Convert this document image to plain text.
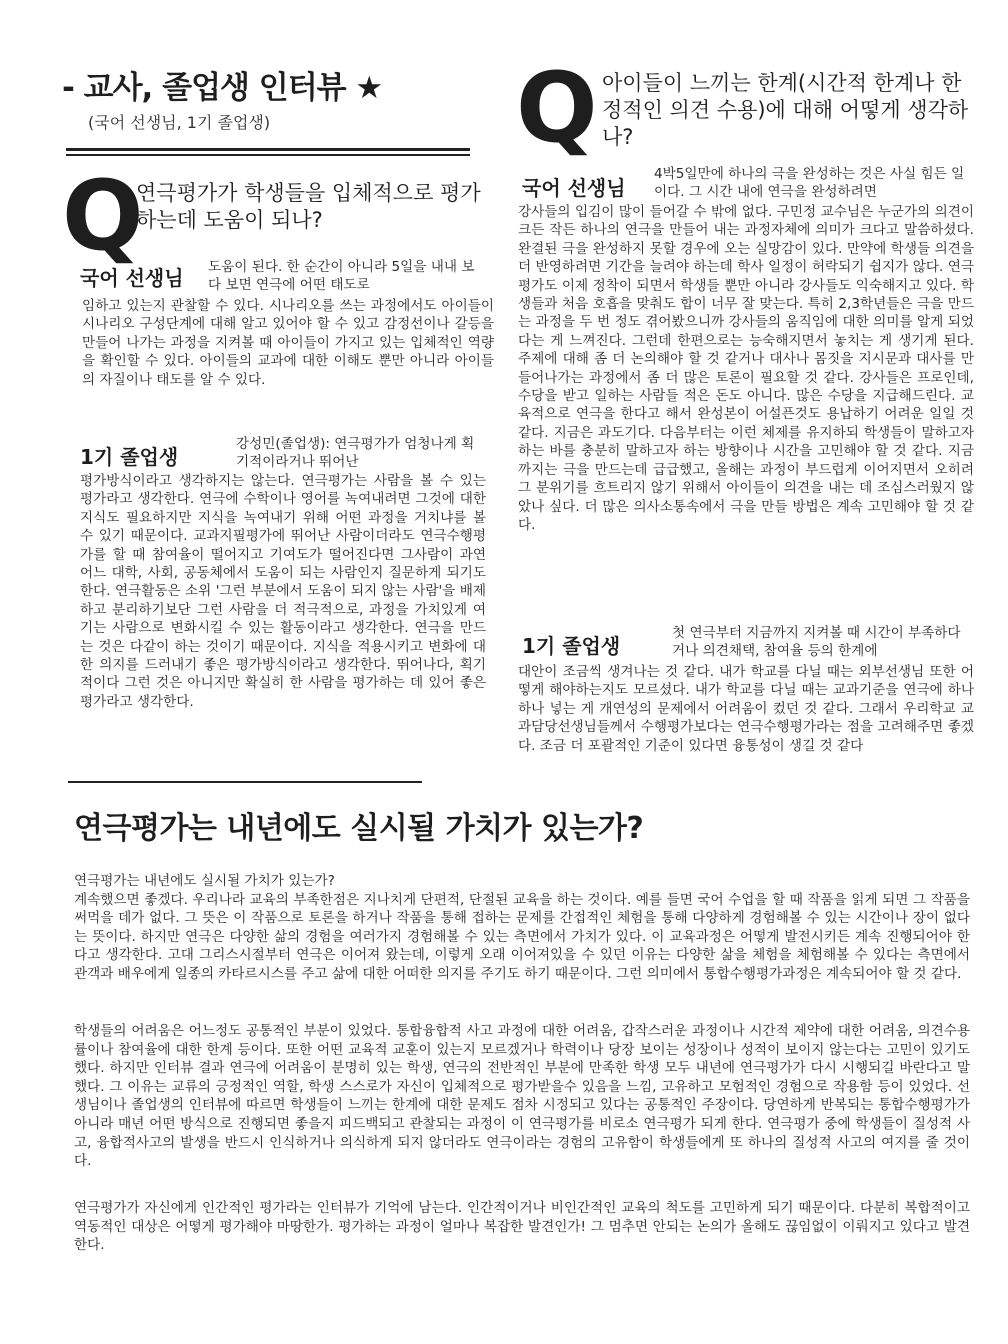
- 교사, 졸업생 인터뷰 ★
(국어 선생님, 1기 졸업생)
Q
연극평가가 학생들을 입체적으로 평가하는데 도움이 되나?
국어 선생님 도움이 된다. 한 순간이 아니라 5일을 내내 보다 보면 연극에 어떤 태도로
임하고 있는지 관찰할 수 있다. 시나리오를 쓰는 과정에서도 아이들이 시나리오 구성단계에 대해 알고 있어야 할 수 있고 감정선이나 갈등을 만들어 나가는 과정을 지켜볼 때 아이들이 가지고 있는 입체적인 역량을 확인할 수 있다. 아이들의 교과에 대한 이해도 뿐만 아니라 아이들의 자질이나 태도를 알 수 있다.
1기 졸업생
강성민(졸업생): 연극평가가 엄청나게 획기적이라거나 뛰어난
평가방식이라고 생각하지는 않는다. 연극평가는 사람을 볼 수 있는 평가라고 생각한다. 연극에 수학이나 영어를 녹여내려면 그것에 대한 지식도 필요하지만 지식을 녹여내기 위해 어떤 과정을 거치냐를 볼 수 있기 때문이다. 교과지필평가에 뛰어난 사람이더라도 연극수행평가를 할 때 참여율이 떨어지고 기여도가 떨어진다면 그사람이 과연 어느 대학, 사회, 공동체에서 도움이 되는 사람인지 질문하게 되기도 한다. 연극활동은 소위 '그런 부분에서 도움이 되지 않는 사람'을 배제하고 분리하기보단 그런 사람을 더 적극적으로, 과정을 가치있게 여기는 사람으로 변화시킬 수 있는 활동이라고 생각한다. 연극을 만드는 것은 다같이 하는 것이기 때문이다. 지식을 적용시키고 변화에 대한 의지를 드러내기 좋은 평가방식이라고 생각한다. 뛰어나다, 획기적이다 그런 것은 아니지만 확실히 한 사람을 평가하는 데 있어 좋은 평가라고 생각한다.
Q 아이들이 느끼는 한계(시간적 한계나 한정적인 의견 수용)에 대해 어떻게 생각하나?
국어 선생님
4박5일만에 하나의 극을 완성하는 것은 사실 힘든 일이다. 그 시간 내에 연극을 완성하려면
강사들의 입김이 많이 들어갈 수 밖에 없다. 구민정 교수님은 누군가의 의견이 크든 작든 하나의 연극을 만들어 내는 과정자체에 의미가 크다고 말씀하셨다. 완결된 극을 완성하지 못할 경우에 오는 실망감이 있다. 만약에 학생들 의견을 더 반영하려면 기간을 늘려야 하는데 학사 일정이 허락되기 쉽지가 않다. 연극평가도 이제 정착이 되면서 학생들 뿐만 아니라 강사들도 익숙해지고 있다. 학생들과 처음 호흡을 맞춰도 합이 너무 잘 맞는다. 특히 2,3학년들은 극을 만드는 과정을 두 번 정도 겪어봤으니까 강사들의 움직임에 대한 의미를 알게 되었다는 게 느껴진다. 그런데 한편으로는 능숙해지면서 놓치는 게 생기게 된다. 주제에 대해 좀 더 논의해야 할 것 같거나 대사나 몸짓을 지시문과 대사를 만들어나가는 과정에서 좀 더 많은 토론이 필요할 것 같다. 강사들은 프로인데, 수당을 받고 일하는 사람들 적은 돈도 아니다. 많은 수당을 지급해드린다. 교육적으로 연극을 한다고 해서 완성본이 어설픈것도 용납하기 어려운 일일 것 같다. 지금은 과도기다. 다음부터는 이런 체제를 유지하되 학생들이 말하고자 하는 바를 충분히 말하고자 하는 방향이나 시간을 고민해야 할 것 같다. 지금까지는 극을 만드는데 급급했고, 올해는 과정이 부드럽게 이어지면서 오히려 그 분위기를 흐트리지 않기 위해서 아이들이 의견을 내는 데 조심스러웠지 않았나 싶다. 더 많은 의사소통속에서 극을 만들 방법은 계속 고민해야 할 것 같다.
1기 졸업생
첫 연극부터 지금까지 지켜볼 때 시간이 부족하다거나 의견채택, 참여율 등의 한계에
대안이 조금씩 생겨나는 것 같다. 내가 학교를 다닐 때는 외부선생님 또한 어떻게 해야하는지도 모르셨다. 내가 학교를 다닐 때는 교과기준을 연극에 하나하나 넣는 게 개연성의 문제에서 어려움이 컸던 것 같다. 그래서 우리학교 교과담당선생님들께서 수행평가보다는 연극수행평가라는 점을 고려해주면 좋겠다. 조금 더 포괄적인 기준이 있다면 융통성이 생길 것 같다
연극평가는 내년에도 실시될 가치가 있는가?

연극평가는 내년에도 실시될 가치가 있는가?
계속했으면 좋겠다. 우리나라 교육의 부족한점은 지나치게 단편적, 단절된 교육을 하는 것이다. 예를 들면 국어 수업을 할 때 작품을 읽게 되면 그 작품을 써먹을 데가 없다. 그 뜻은 이 작품으로 토론을 하거나 작품을 통해 접하는 문제를 간접적인 체험을 통해 다양하게 경험해볼 수 있는 시간이나 장이 없다는 뜻이다. 하지만 연극은 다양한 삶의 경험을 여러가지 경험해볼 수 있는 측면에서 가치가 있다. 이 교육과정은 어떻게 발전시키든 계속 진행되어야 한다고 생각한다. 고대 그리스시절부터 연극은 이어져 왔는데, 이렇게 오래 이어져있을 수 있던 이유는 다양한 삶을 체험을 체험해볼 수 있다는 측면에서 관객과 배우에게 일종의 카타르시스를 주고 삶에 대한 어떠한 의지를 주기도 하기 때문이다. 그런 의미에서 통합수행평가과정은 계속되어야 할 것 같다.

학생들의 어려움은 어느정도 공통적인 부분이 있었다. 통합융합적 사고 과정에 대한 어려움, 갑작스러운 과정이나 시간적 제약에 대한 어려움, 의견수용률이나 참여율에 대한 한계 등이다. 또한 어떤 교육적 교훈이 있는지 모르겠거나 학력이나 당장 보이는 성장이나 성적이 보이지 않는다는 고민이 있기도 했다. 하지만 인터뷰 결과 연극에 어려움이 분명히 있는 학생, 연극의 전반적인 부분에 만족한 학생 모두 내년에 연극평가가 다시 시행되길 바란다고 말했다. 그 이유는 교류의 긍정적인 역할, 학생 스스로가 자신이 입체적으로 평가받을수 있음을 느낌, 고유하고 모험적인 경험으로 작용함 등이 있었다. 선생님이나 졸업생의 인터뷰에 따르면 학생들이 느끼는 한계에 대한 문제도 점차 시정되고 있다는 공통적인 주장이다. 당연하게 반복되는 통합수행평가가 아니라 매년 어떤 방식으로 진행되면 좋을지 피드백되고 관찰되는 과정이 이 연극평가를 비로소 연극평가 되게 한다. 연극평가 중에 학생들이 질성적 사고, 융합적사고의 발생을 반드시 인식하거나 의식하게 되지 않더라도 연극이라는 경험의 고유함이 학생들에게 또 하나의 질성적 사고의 여지를 줄 것이다.

연극평가가 자신에게 인간적인 평가라는 인터뷰가 기억에 남는다. 인간적이거나 비인간적인 교육의 척도를 고민하게 되기 때문이다. 다분히 복합적이고 역동적인 대상은 어떻게 평가해야 마땅한가. 평가하는 과정이 얼마나 복잡한 발견인가! 그 멈추면 안되는 논의가 올해도 끊임없이 이뤄지고 있다고 발견한다.
